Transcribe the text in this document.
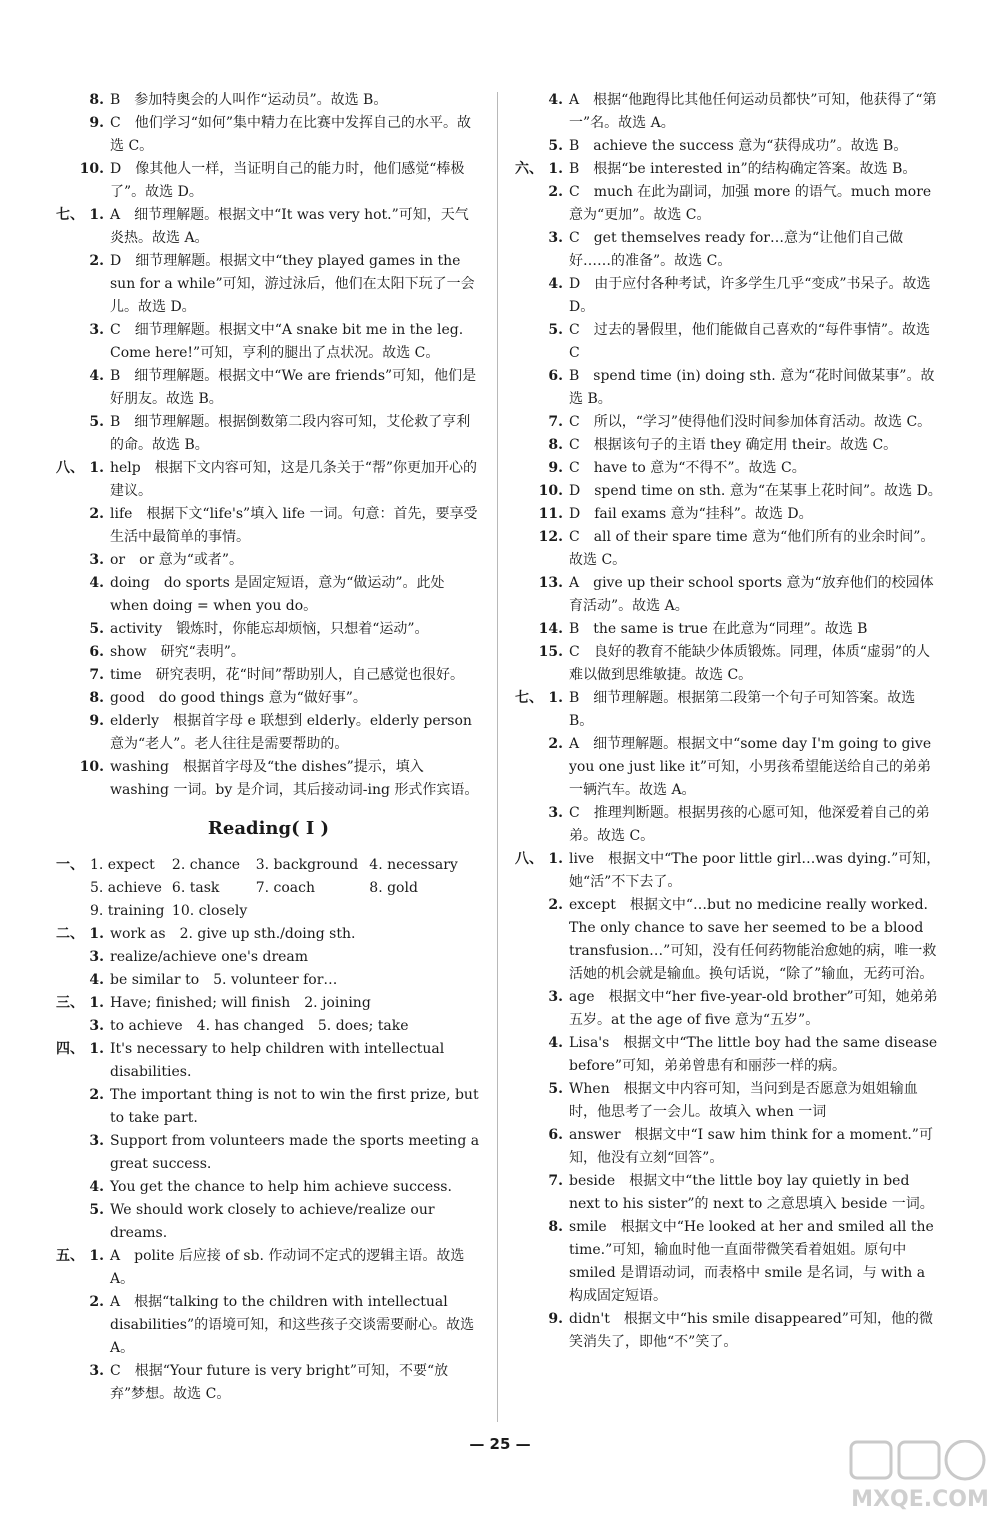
8. B　参加特奥会的人叫作“运动员”。故选 B。
9. C　他们学习“如何”集中精力在比赛中发挥自己的水平。故选 C。
10. D　像其他人一样，当证明自己的能力时，他们感觉“棒极了”。故选 D。
七、 1. A　细节理解题。根据文中“It was very hot.”可知，天气炎热。故选 A。
2. D　细节理解题。根据文中“they played games in the sun for a while”可知，游过泳后，他们在太阳下玩了一会儿。故选 D。
3. C　细节理解题。根据文中“A snake bit me in the leg. Come here!”可知，亨利的腿出了点状况。故选 C。
4. B　细节理解题。根据文中“We are friends”可知，他们是好朋友。故选 B。
5. B　细节理解题。根据倒数第二段内容可知，艾伦救了亨利的命。故选 B。
八、 1. help　根据下文内容可知，这是几条关于“帮”你更加开心的建议。
2. life　根据下文“life's”填入 life 一词。句意：首先，要享受生活中最简单的事情。
3. or　or 意为“或者”。
4. doing　do sports 是固定短语，意为“做运动”。此处 when doing = when you do。
5. activity　锻炼时，你能忘却烦恼，只想着“运动”。
6. show　研究“表明”。
7. time　研究表明，花“时间”帮助别人，自己感觉也很好。
8. good　do good things 意为“做好事”。
9. elderly　根据首字母 e 联想到 elderly。elderly person 意为“老人”。老人往往是需要帮助的。
10. washing　根据首字母及“the dishes”提示，填入 washing 一词。by 是介词，其后接动词-ing 形式作宾语。
Reading( Ⅰ )
一、 1. expect	2. chance	3. background 4. necessary
5. achieve 6. task	7. coach	8. gold
9. training 10. closely
二、 1. work as　2. give up sth./doing sth.
3. realize/achieve one's dream
4. be similar to　5. volunteer for…
三、 1. Have; finished; will finish　2. joining
3. to achieve　4. has changed　5. does; take
四、 1. It's necessary to help children with intellectual disabilities.
2. The important thing is not to win the first prize, but to take part.
3. Support from volunteers made the sports meeting a great success.
4. You get the chance to help him achieve success.
5. We should work closely to achieve/realize our dreams.
五、 1. A　polite 后应接 of sb. 作动词不定式的逻辑主语。故选 A。
2. A　根据“talking to the children with intellectual disabilities”的语境可知，和这些孩子交谈需要耐心。故选 A。
3. C　根据“Your future is very bright”可知，不要“放弃”梦想。故选 C。
4. A　根据“他跑得比其他任何运动员都快”可知，他获得了“第一”名。故选 A。
5. B　achieve the success 意为“获得成功”。故选 B。
六、 1. B　根据“be interested in”的结构确定答案。故选 B。
2. C　much 在此为副词，加强 more 的语气。much more 意为“更加”。故选 C。
3. C　get themselves ready for…意为“让他们自己做好……的准备”。故选 C。
4. D　由于应付各种考试，许多学生几乎“变成”书呆子。故选 D。
5. C　过去的暑假里，他们能做自己喜欢的“每件事情”。故选 C
6. B　spend time (in) doing sth. 意为“花时间做某事”。故选 B。
7. C　所以，“学习”使得他们没时间参加体育活动。故选 C。
8. C　根据该句子的主语 they 确定用 their。故选 C。
9. C　have to 意为“不得不”。故选 C。
10. D　spend time on sth. 意为“在某事上花时间”。故选 D。
11. D　fail exams 意为“挂科”。故选 D。
12. C　all of their spare time 意为“他们所有的业余时间”。故选 C。
13. A　give up their school sports 意为“放弃他们的校园体育活动”。故选 A。
14. B　the same is true 在此意为“同理”。故选 B
15. C　良好的教育不能缺少体质锻炼。同理，体质“虚弱”的人难以做到思维敏捷。故选 C。
七、 1. B　细节理解题。根据第二段第一个句子可知答案。故选 B。
2. A　细节理解题。根据文中“some day I'm going to give you one just like it”可知，小男孩希望能送给自己的弟弟一辆汽车。故选 A。
3. C　推理判断题。根据男孩的心愿可知，他深爱着自己的弟弟。故选 C。
八、 1. live　根据文中“The poor little girl…was dying.”可知，她“活”不下去了。
2. except　根据文中“…but no medicine really worked. The only chance to save her seemed to be a blood transfusion…”可知，没有任何药物能治愈她的病，唯一救活她的机会就是输血。换句话说，“除了”输血，无药可治。
3. age　根据文中“her five-year-old brother”可知，她弟弟五岁。at the age of five 意为“五岁”。
4. Lisa's　根据文中“The little boy had the same disease before”可知，弟弟曾患有和丽莎一样的病。
5. When　根据文中内容可知，当问到是否愿意为姐姐输血时，他思考了一会儿。故填入 when 一词
6. answer　根据文中“I saw him think for a moment.”可知，他没有立刻“回答”。
7. beside　根据文中“the little boy lay quietly in bed next to his sister”的 next to 之意思填入 beside 一词。
8. smile　根据文中“He looked at her and smiled all the time.”可知，输血时他一直面带微笑看着姐姐。原句中 smiled 是谓语动词，而表格中 smile 是名词，与 with a 构成固定短语。
9. didn't　根据文中“his smile disappeared”可知，他的微笑消失了，即他“不”笑了。
— 25 —
MXQE.COM
